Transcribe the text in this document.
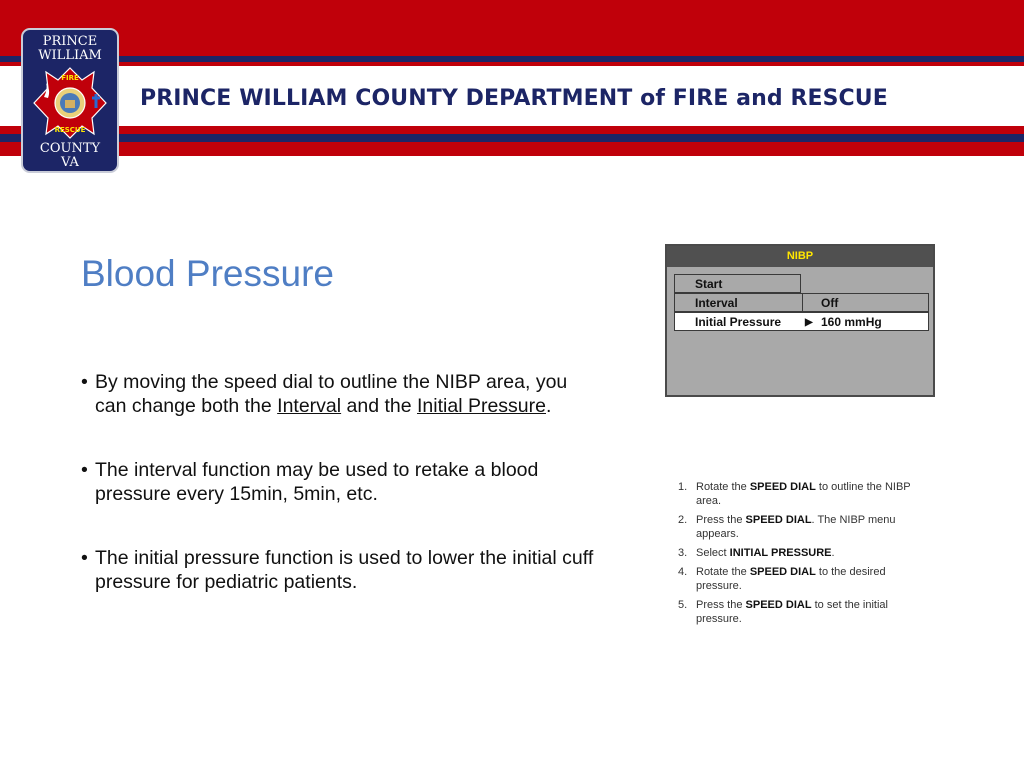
PRINCE WILLIAM COUNTY DEPARTMENT of FIRE and RESCUE
PRINCE
WILLIAM
FIRE
RESCUE
COUNTY
VA
Blood Pressure
• By moving the speed dial to outline the NIBP area, you can change both the Interval and the Initial Pressure.
• The interval function may be used to retake a blood pressure every 15min, 5min, etc.
• The initial pressure function is used to lower the initial cuff pressure for pediatric patients.
NIBP
Start
Interval	Off
Initial Pressure ▶ 160 mmHg
1. Rotate the SPEED DIAL to outline the NIBP area.
2. Press the SPEED DIAL. The NIBP menu appears.
3. Select INITIAL PRESSURE.
4. Rotate the SPEED DIAL to the desired pressure.
5. Press the SPEED DIAL to set the initial pressure.
